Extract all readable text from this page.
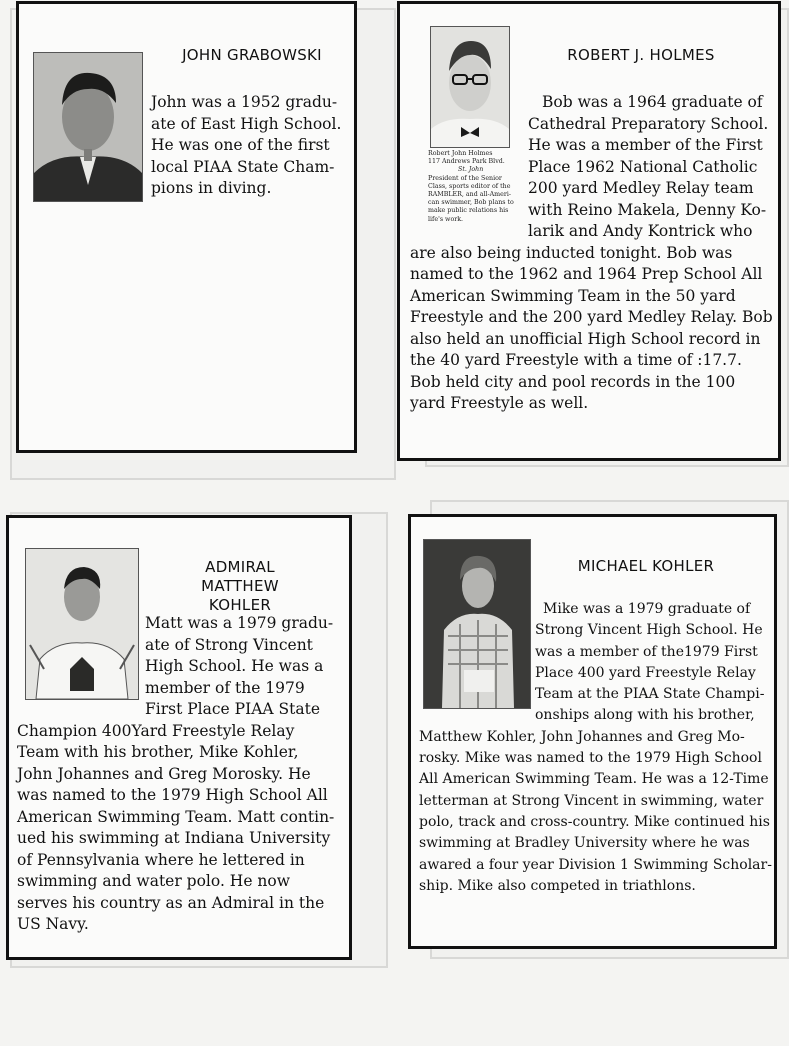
JOHN GRABOWSKI
John was a 1952 gradu-
ate of East High School.
He was one of the first
local PIAA State Cham-
pions in diving.
Robert John Holmes
117 Andrews Park Blvd.
St. John
President of the Senior
Class, sports editor of the
RAMBLER, and all-Ameri-
can swimmer, Bob plans to
make public relations his
life's work.
ROBERT J. HOLMES
Bob was a 1964 graduate of
Cathedral Preparatory School.
He was a member of the First
Place 1962 National Catholic
200 yard Medley Relay team
with Reino Makela, Denny Ko-
larik and Andy Kontrick who
are also being inducted tonight. Bob was
named to the 1962 and 1964 Prep School All
American Swimming Team in the 50 yard
Freestyle and the 200 yard Medley Relay. Bob
also held an unofficial High School record in
the 40 yard Freestyle with a time of :17.7.
Bob held city and pool records in the 100
yard Freestyle as well.
ADMIRAL MATTHEW
KOHLER
Matt was a 1979 gradu-
ate of Strong Vincent
High School. He was a
member of the 1979
First Place PIAA State
Champion 400Yard Freestyle Relay
Team with his brother, Mike Kohler,
John Johannes and Greg Morosky. He
was named to the 1979 High School All
American Swimming Team. Matt contin-
ued his swimming at Indiana University
of Pennsylvania where he lettered in
swimming and water polo. He now
serves his country as an Admiral in the
US Navy.
MICHAEL KOHLER
Mike was a 1979 graduate of
Strong Vincent High School. He
was a member of the1979 First
Place 400 yard Freestyle Relay
Team at the PIAA State Champi-
onships along with his brother,
Matthew Kohler, John Johannes and Greg Mo-
rosky. Mike was named to the 1979 High School
All American Swimming Team. He was a 12-Time
letterman at Strong Vincent in swimming, water
polo, track and cross-country. Mike continued his
swimming at Bradley University where he was
awared a four year Division 1 Swimming Scholar-
ship. Mike also competed in triathlons.
